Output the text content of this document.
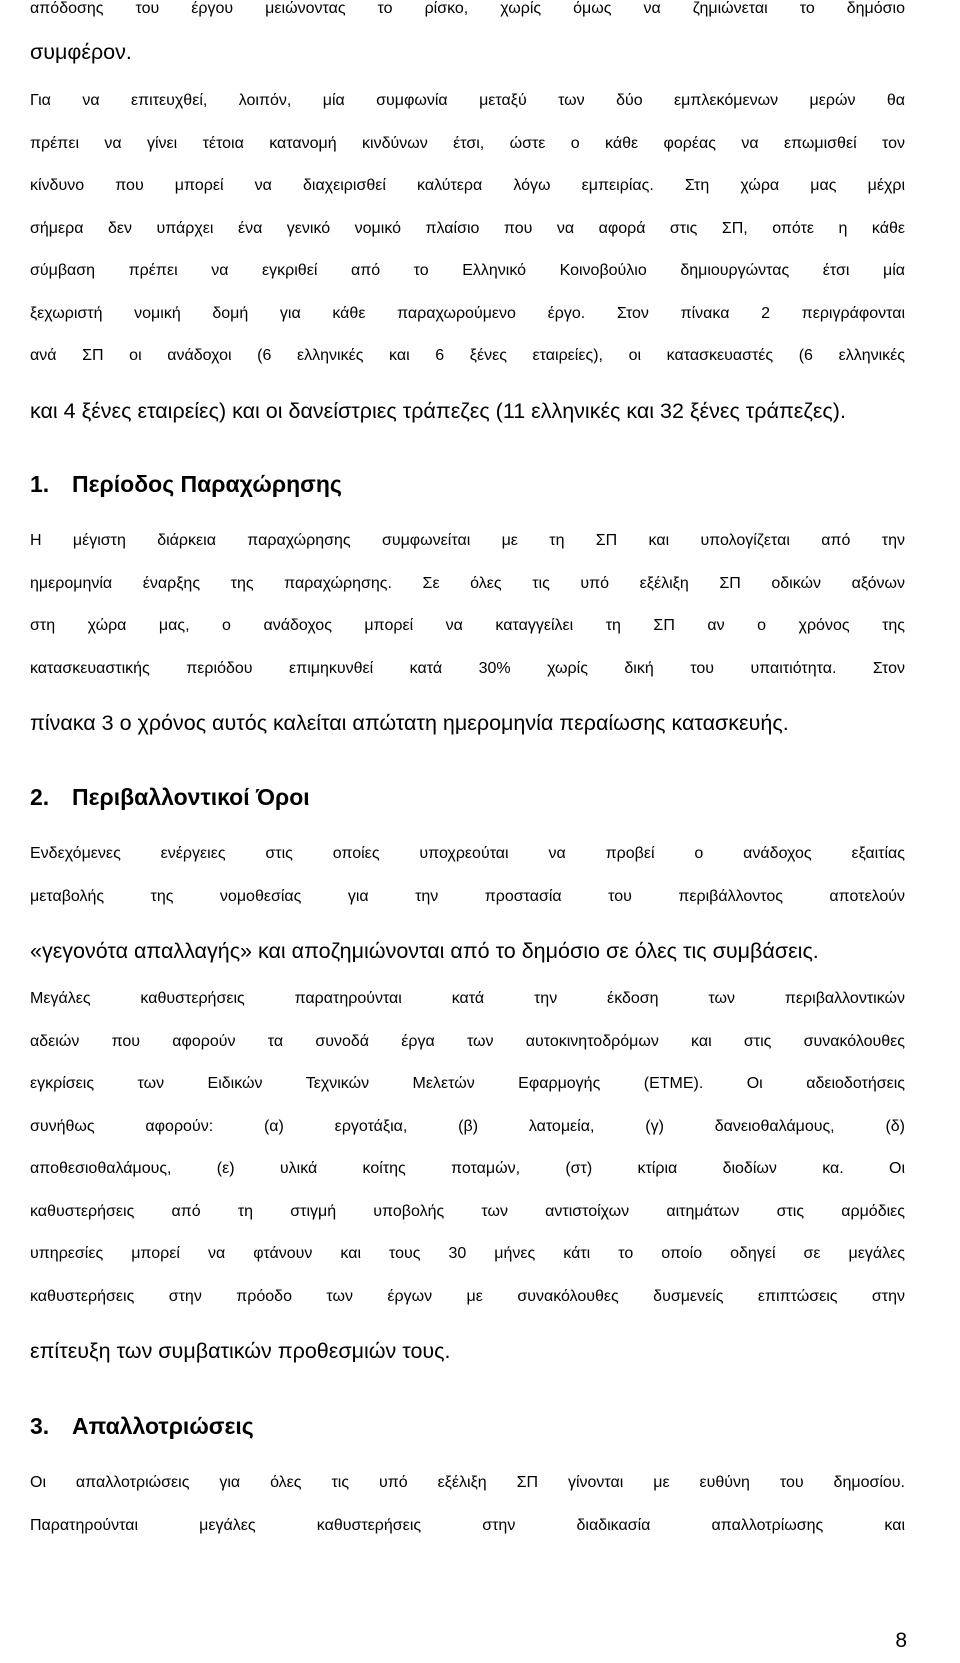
απόδοσης του έργου μειώνοντας το ρίσκο, χωρίς όμως να ζημιώνεται το δημόσιο
συμφέρον.
Για να επιτευχθεί, λοιπόν, μία συμφωνία μεταξύ των δύο εμπλεκόμενων μερών θα
πρέπει να γίνει τέτοια κατανομή κινδύνων έτσι, ώστε ο κάθε φορέας να επωμισθεί τον
κίνδυνο που μπορεί να διαχειρισθεί καλύτερα λόγω εμπειρίας. Στη χώρα μας μέχρι
σήμερα δεν υπάρχει ένα γενικό νομικό πλαίσιο που να αφορά στις ΣΠ, οπότε η κάθε
σύμβαση πρέπει να εγκριθεί από το Ελληνικό Κοινοβούλιο δημιουργώντας έτσι μία
ξεχωριστή νομική δομή για κάθε παραχωρούμενο έργο. Στον πίνακα 2 περιγράφονται
ανά ΣΠ οι ανάδοχοι (6 ελληνικές και 6 ξένες εταιρείες), οι κατασκευαστές (6 ελληνικές
και 4 ξένες εταιρείες) και οι δανείστριες τράπεζες (11 ελληνικές και 32 ξένες τράπεζες).
1. Περίοδος Παραχώρησης
Η μέγιστη διάρκεια παραχώρησης συμφωνείται με τη ΣΠ και υπολογίζεται από την
ημερομηνία έναρξης της παραχώρησης. Σε όλες τις υπό εξέλιξη ΣΠ οδικών αξόνων
στη χώρα μας, ο ανάδοχος μπορεί να καταγγείλει τη ΣΠ αν ο χρόνος της
κατασκευαστικής περιόδου επιμηκυνθεί κατά 30% χωρίς δική του υπαιτιότητα. Στον
πίνακα 3 ο χρόνος αυτός καλείται απώτατη ημερομηνία περαίωσης κατασκευής.
2. Περιβαλλοντικοί Όροι
Ενδεχόμενες ενέργειες στις οποίες υποχρεούται να προβεί ο ανάδοχος εξαιτίας
μεταβολής της νομοθεσίας για την προστασία του περιβάλλοντος αποτελούν
«γεγονότα απαλλαγής» και αποζημιώνονται από το δημόσιο σε όλες τις συμβάσεις.
Μεγάλες καθυστερήσεις παρατηρούνται κατά την έκδοση των περιβαλλοντικών
αδειών που αφορούν τα συνοδά έργα των αυτοκινητοδρόμων και στις συνακόλουθες
εγκρίσεις των Ειδικών Τεχνικών Μελετών Εφαρμογής (ΕΤΜΕ). Οι αδειοδοτήσεις
συνήθως αφορούν: (α) εργοτάξια, (β) λατομεία, (γ) δανειοθαλάμους, (δ)
αποθεσιοθαλάμους, (ε) υλικά κοίτης ποταμών, (στ) κτίρια διοδίων κα. Οι
καθυστερήσεις από τη στιγμή υποβολής των αντιστοίχων αιτημάτων στις αρμόδιες
υπηρεσίες μπορεί να φτάνουν και τους 30 μήνες κάτι το οποίο οδηγεί σε μεγάλες
καθυστερήσεις στην πρόοδο των έργων με συνακόλουθες δυσμενείς επιπτώσεις στην
επίτευξη των συμβατικών προθεσμιών τους.
3. Απαλλοτριώσεις
Οι απαλλοτριώσεις για όλες τις υπό εξέλιξη ΣΠ γίνονται με ευθύνη του δημοσίου.
Παρατηρούνται μεγάλες καθυστερήσεις στην διαδικασία απαλλοτρίωσης και
8
